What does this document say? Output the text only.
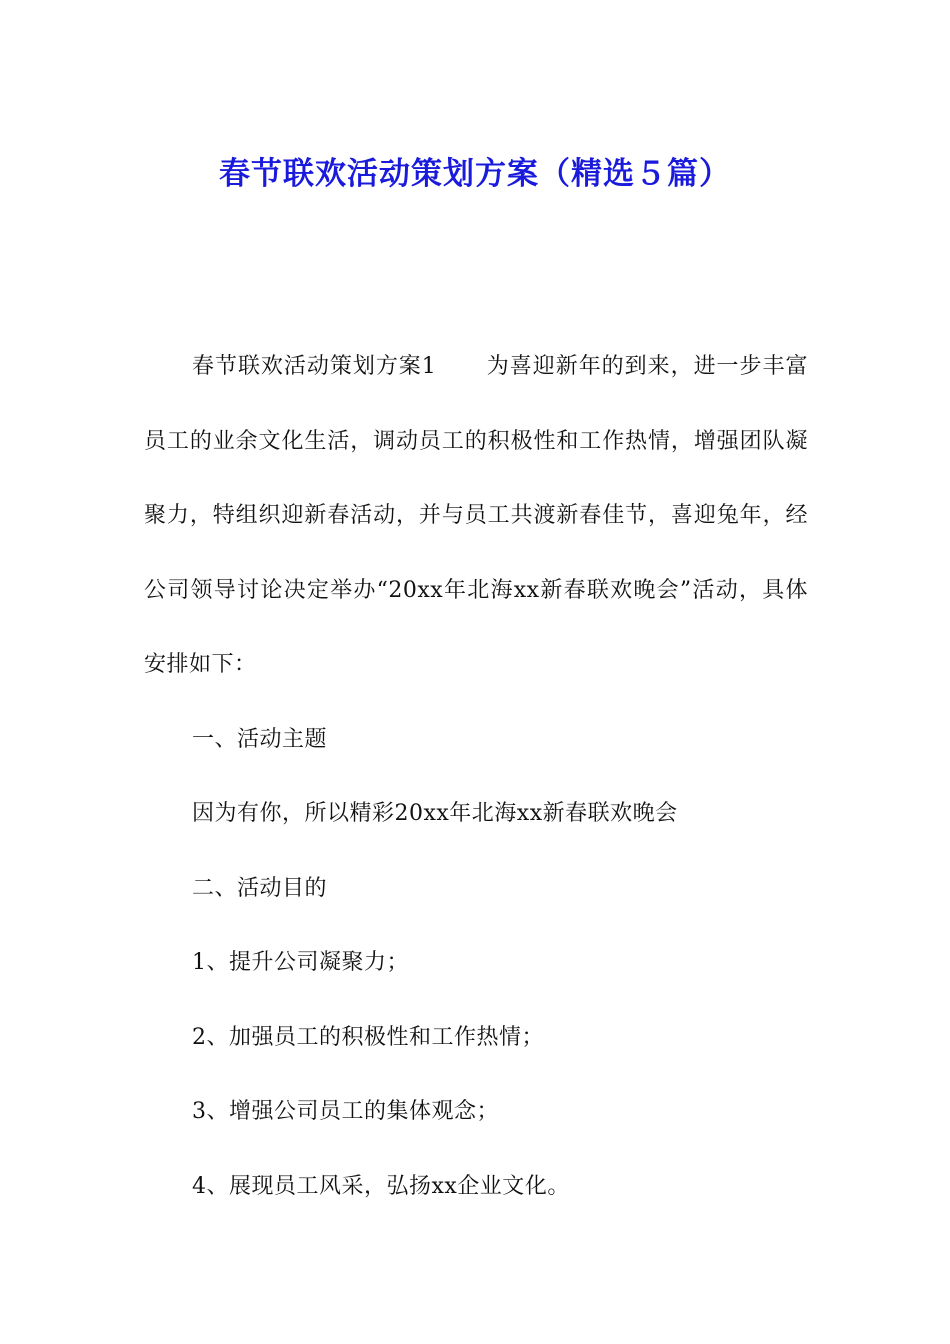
春节联欢活动策划方案（精选５篇）

春节联欢活动策划方案1 为喜迎新年的到来，进一步丰富员工的业余文化生活，调动员工的积极性和工作热情，增强团队凝聚力，特组织迎新春活动，并与员工共渡新春佳节，喜迎兔年，经公司领导讨论决定举办“20xx年北海xx新春联欢晚会”活动，具体安排如下：

一、活动主题

因为有你，所以精彩20xx年北海xx新春联欢晚会

二、活动目的

1、提升公司凝聚力；

2、加强员工的积极性和工作热情；

3、增强公司员工的集体观念；

4、展现员工风采，弘扬xx企业文化。
